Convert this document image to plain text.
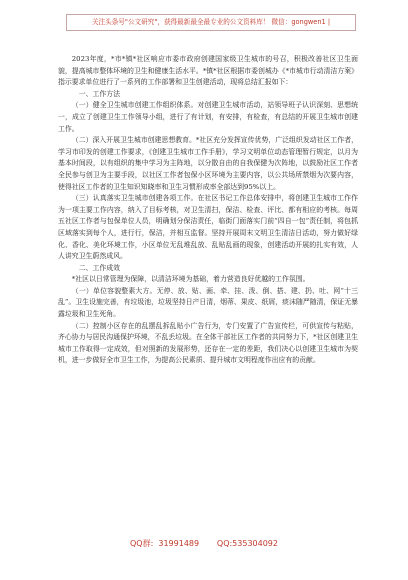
关注头条号"公文研究"，获得最新最全最专业的公文资料库！ 微信：gongwen1 |

2023年度，*市*镇*社区响应市委市政府创建国家级卫生城市的号召，积极改善社区卫生面貌，提高城市整体环境的卫生和健康生活水平。*镇*社区根据市委创城办《*市城市行动清洁方案》指示要求单位进行了一系列的工作部署和卫生创建活动，现将总结汇报如下：

一、工作方法

（一）健全卫生城市创建工作组织体系。对创建卫生城市活动，站领导班子认识深刻、思想统一，成立了创建卫生工作领导小组，进行了有计划，有安排，有检查，有总结的开展卫生城市创建工作。

（二）深入开展卫生城市创建思想教育。*社区充分发挥宣传优势，广泛组织发动社区工作者，学习市印发的创建工作要求，《创建卫生城市工作手册》，学习文明单位动态管理暂行规定，以月为基本时间段，以有组织的集中学习为主阵地，以分散自由的自我保健为次阵地，以鼓励社区工作者全民参与创卫为主要手段，以社区工作者包保小区环境为主要内容，以公共场所禁烟为次要内容，使得社区工作者的卫生知识知晓率和卫生习惯形成率全部达到95%以上。

（三）认真落实卫生城市创建各项工作。在社区书记工作总体安排中，将创建卫生城市工作作为一项主要工作内容，纳入了目标考核，对卫生清扫，保洁、检查、评比、都有相应的考核。每周五社区工作者与包保单位人员，明确划分保洁责任，临街门面落实门前“四自一包”责任制，将包抓区域落实到每个人，进行行，保洁，并相互监督。坚持开展周末文明卫生清洁日活动，努力做好绿化、香化、美化环境工作，小区单位无乱堆乱放、乱贴乱画的现象，创建活动开展的扎实有效，人人讲究卫生蔚然成风。

二、工作成效

*社区以日常管理为保障，以清洁环境为基础，着力营造良好优越的工作氛围。

（一）单位容貌整素大方。无停、放、贴、画、牵、挂、泼、倒、搭、建、扔、吐、网“十三乱”。卫生设施完善，有垃圾池，垃圾坚持日产日清，烟蒂、果皮、纸屑，痰沫随严随清，保证无暴露垃圾和卫生死角。

（二）控制小区存在的乱摆乱拆乱贴小广告行为，专门安置了广告宣传栏，可供宣传与粘贴，齐心协力与居民沟通保护环境，不乱丢垃圾。在全体干部社区工作者的共同努力下，*社区创建卫生城市工作取得一定成效，但对照新的发展形势，还存在一定的差距，我们决心以创建卫生城市为契机，进一步做好全市卫生工作，为提高公民素质、提升城市文明程度作出应有的贡献。

QQ群:  31991489       QQ:535304092
